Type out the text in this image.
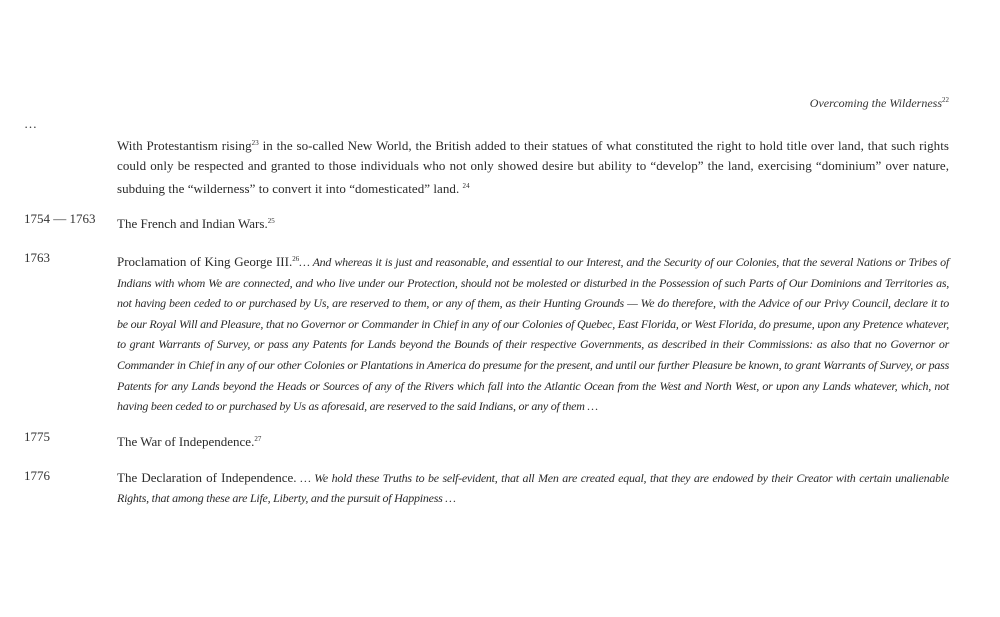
Overcoming the Wilderness$^{22}$
…
With Protestantism rising$^{23}$ in the so-called New World, the British added to their statues of what constituted the right to hold title over land, that such rights could only be respected and granted to those individuals who not only showed desire but ability to “develop” the land, exercising “dominium” over nature, subduing the “wilderness” to convert it into “domesticated” land. $^{24}$
1754 — 1763	The French and Indian Wars.$^{25}$
1763	Proclamation of King George III.$^{26}$… And whereas it is just and reasonable, and essential to our Interest, and the Security of our Colonies, that the several Nations or Tribes of Indians with whom We are connected, and who live under our Protection, should not be molested or disturbed in the Possession of such Parts of Our Dominions and Territories as, not having been ceded to or purchased by Us, are reserved to them, or any of them, as their Hunting Grounds — We do therefore, with the Advice of our Privy Council, declare it to be our Royal Will and Pleasure, that no Governor or Commander in Chief in any of our Colonies of Quebec, East Florida, or West Florida, do presume, upon any Pretence whatever, to grant Warrants of Survey, or pass any Patents for Lands beyond the Bounds of their respective Governments, as described in their Commissions: as also that no Governor or Commander in Chief in any of our other Colonies or Plantations in America do presume for the present, and until our further Pleasure be known, to grant Warrants of Survey, or pass Patents for any Lands beyond the Heads or Sources of any of the Rivers which fall into the Atlantic Ocean from the West and North West, or upon any Lands whatever, which, not having been ceded to or purchased by Us as aforesaid, are reserved to the said Indians, or any of them …
1775	The War of Independence.$^{27}$
1776	The Declaration of Independence. … We hold these Truths to be self-evident, that all Men are created equal, that they are endowed by their Creator with certain unalienable Rights, that among these are Life, Liberty, and the pursuit of Happiness …
